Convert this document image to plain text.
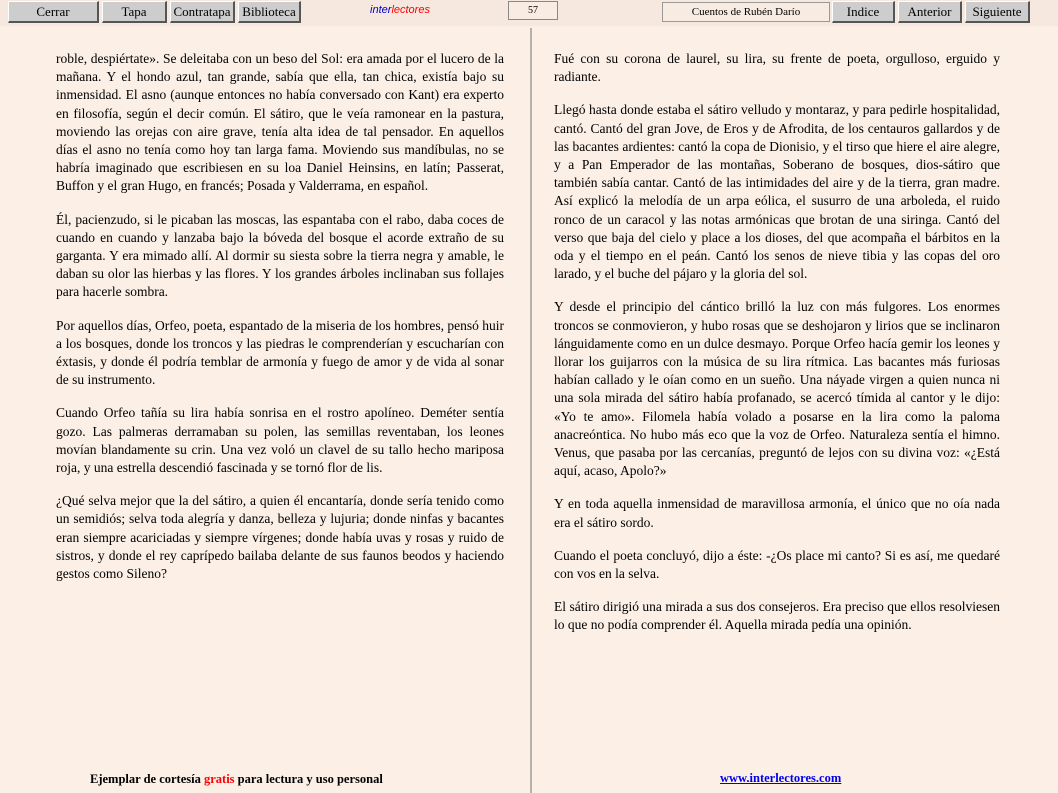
Cerrar	Tapa	Contratapa Biblioteca	interlectores	57	Cuentos de Rubén Darío	Indice	Anterior	Siguiente

roble, despiértate». Se deleitaba con un beso del Sol: era amada por el lucero de la mañana. Y el hondo azul, tan grande, sabía que ella, tan chica, existía bajo su inmensidad. El asno (aunque entonces no había conversado con Kant) era experto en filosofía, según el decir común. El sátiro, que le veía ramonear en la pastura, moviendo las orejas con aire grave, tenía alta idea de tal pensador. En aquellos días el asno no tenía como hoy tan larga fama. Moviendo sus mandíbulas, no se habría imaginado que escribiesen en su loa Daniel Heinsins, en latín; Passerat, Buffon y el gran Hugo, en francés; Posada y Valderrama, en español.

Él, pacienzudo, si le picaban las moscas, las espantaba con el rabo, daba coces de cuando en cuando y lanzaba bajo la bóveda del bosque el acorde extraño de su garganta. Y era mimado allí. Al dormir su siesta sobre la tierra negra y amable, le daban su olor las hierbas y las flores. Y los grandes árboles inclinaban sus follajes para hacerle sombra.

Por aquellos días, Orfeo, poeta, espantado de la miseria de los hombres, pensó huir a los bosques, donde los troncos y las piedras le comprenderían y escucharían con éxtasis, y donde él podría temblar de armonía y fuego de amor y de vida al sonar de su instrumento.

Cuando Orfeo tañía su lira había sonrisa en el rostro apolíneo. Deméter sentía gozo. Las palmeras derramaban su polen, las semillas reventaban, los leones movían blandamente su crin. Una vez voló un clavel de su tallo hecho mariposa roja, y una estrella descendió fascinada y se tornó flor de lis.

¿Qué selva mejor que la del sátiro, a quien él encantaría, donde sería tenido como un semidiós; selva toda alegría y danza, belleza y lujuria; donde ninfas y bacantes eran siempre acariciadas y siempre vírgenes; donde había uvas y rosas y ruido de sistros, y donde el rey caprípedo bailaba delante de sus faunos beodos y haciendo gestos como Sileno?

Fué con su corona de laurel, su lira, su frente de poeta, orgulloso, erguido y radiante.

Llegó hasta donde estaba el sátiro velludo y montaraz, y para pedirle hospitalidad, cantó. Cantó del gran Jove, de Eros y de Afrodita, de los centauros gallardos y de las bacantes ardientes: cantó la copa de Dionisio, y el tirso que hiere el aire alegre, y a Pan Emperador de las montañas, Soberano de bosques, dios-sátiro que también sabía cantar. Cantó de las intimidades del aire y de la tierra, gran madre. Así explicó la melodía de un arpa eólica, el susurro de una arboleda, el ruido ronco de un caracol y las notas armónicas que brotan de una siringa. Cantó del verso que baja del cielo y place a los dioses, del que acompaña el bárbitos en la oda y el tiempo en el peán. Cantó los senos de nieve tibia y las copas del oro larado, y el buche del pájaro y la gloria del sol.

Y desde el principio del cántico brilló la luz con más fulgores. Los enormes troncos se conmovieron, y hubo rosas que se deshojaron y lirios que se inclinaron lánguidamente como en un dulce desmayo. Porque Orfeo hacía gemir los leones y llorar los guijarros con la música de su lira rítmica. Las bacantes más furiosas habían callado y le oían como en un sueño. Una náyade virgen a quien nunca ni una sola mirada del sátiro había profanado, se acercó tímida al cantor y le dijo: «Yo te amo». Filomela había volado a posarse en la lira como la paloma anacreóntica. No hubo más eco que la voz de Orfeo. Naturaleza sentía el himno. Venus, que pasaba por las cercanías, preguntó de lejos con su divina voz: «¿Está aquí, acaso, Apolo?»

Y en toda aquella inmensidad de maravillosa armonía, el único que no oía nada era el sátiro sordo.

Cuando el poeta concluyó, dijo a éste: -¿Os place mi canto? Si es así, me quedaré con vos en la selva.

El sátiro dirigió una mirada a sus dos consejeros. Era preciso que ellos resolviesen lo que no podía comprender él. Aquella mirada pedía una opinión.

Ejemplar de cortesía gratis para lectura y uso personal	www.interlectores.com
